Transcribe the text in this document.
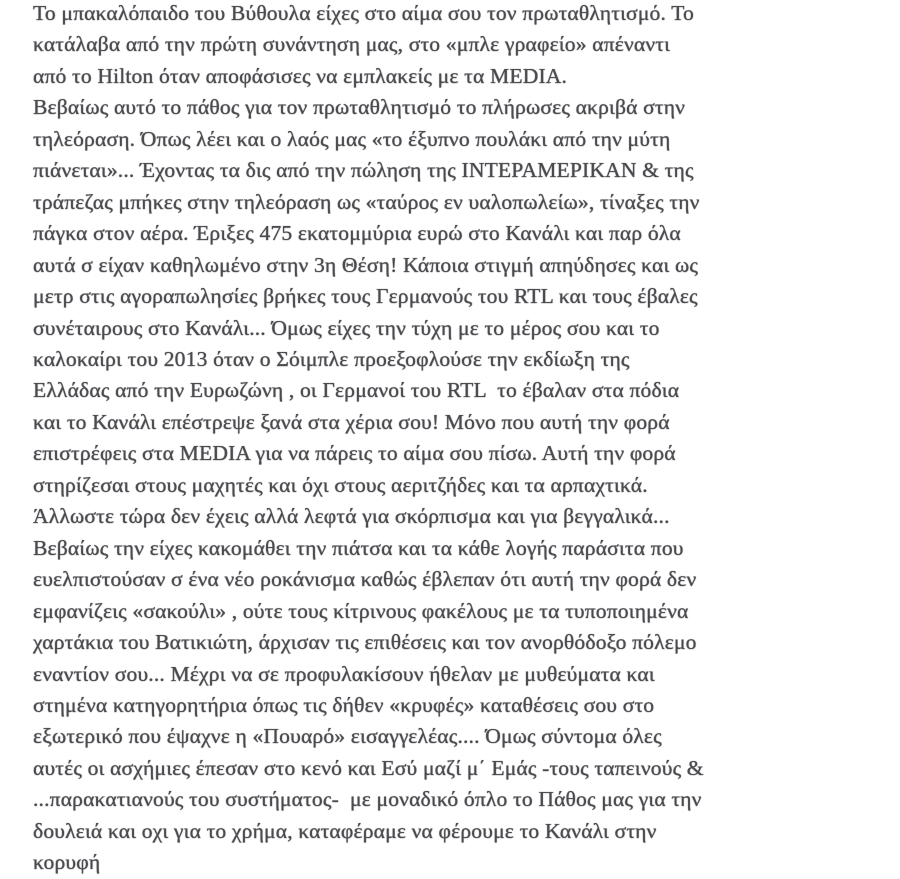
Το μπακαλόπαιδο του Βύθουλα είχες στο αίμα σου τον πρωταθλητισμό. Το
κατάλαβα από την πρώτη συνάντηση μας, στο «μπλε γραφείο» απέναντι
από το Hilton όταν αποφάσισες να εμπλακείς με τα MEDIA.
Βεβαίως αυτό το πάθος για τον πρωταθλητισμό το πλήρωσες ακριβά στην
τηλεόραση. Όπως λέει και ο λαός μας «το έξυπνο πουλάκι από την μύτη
πιάνεται»... Έχοντας τα δις από την πώληση της ΙΝΤΕΡΑΜΕΡΙΚΑΝ & της
τράπεζας μπήκες στην τηλεόραση ως «ταύρος εν υαλοπωλείω», τίναξες την
πάγκα στον αέρα. Έριξες 475 εκατομμύρια ευρώ στο Κανάλι και παρ όλα
αυτά σ είχαν καθηλωμένο στην 3η Θέση! Κάποια στιγμή απηύδησες και ως
μετρ στις αγοραπωλησίες βρήκες τους Γερμανούς του RTL και τους έβαλες
συνέταιρους στο Κανάλι... Όμως είχες την τύχη με το μέρος σου και το
καλοκαίρι του 2013 όταν ο Σόιμπλε προεξοφλούσε την εκδίωξη της
Ελλάδας από την Ευρωζώνη , οι Γερμανοί του RTL  το έβαλαν στα πόδια
και το Κανάλι επέστρεψε ξανά στα χέρια σου! Μόνο που αυτή την φορά
επιστρέφεις στα MEDIA για να πάρεις το αίμα σου πίσω. Αυτή την φορά
στηρίζεσαι στους μαχητές και όχι στους αεριτζήδες και τα αρπαχτικά.
Άλλωστε τώρα δεν έχεις αλλά λεφτά για σκόρπισμα και για βεγγαλικά...
Βεβαίως την είχες κακομάθει την πιάτσα και τα κάθε λογής παράσιτα που
ευελπιστούσαν σ ένα νέο ροκάνισμα καθώς έβλεπαν ότι αυτή την φορά δεν
εμφανίζεις «σακούλι» , ούτε τους κίτρινους φακέλους με τα τυποποιημένα
χαρτάκια του Βατικιώτη, άρχισαν τις επιθέσεις και τον ανορθόδοξο πόλεμο
εναντίον σου... Μέχρι να σε προφυλακίσουν ήθελαν με μυθεύματα και
στημένα κατηγορητήρια όπως τις δήθεν «κρυφές» καταθέσεις σου στο
εξωτερικό που έψαχνε η «Πουαρό» εισαγγελέας.... Όμως σύντομα όλες
αυτές οι ασχήμιες έπεσαν στο κενό και Εσύ μαζί μ΄ Εμάς -τους ταπεινούς &
...παρακατιανούς του συστήματος-  με μοναδικό όπλο το Πάθος μας για την
δουλειά και οχι για το χρήμα, καταφέραμε να φέρουμε το Κανάλι στην
κορυφή
